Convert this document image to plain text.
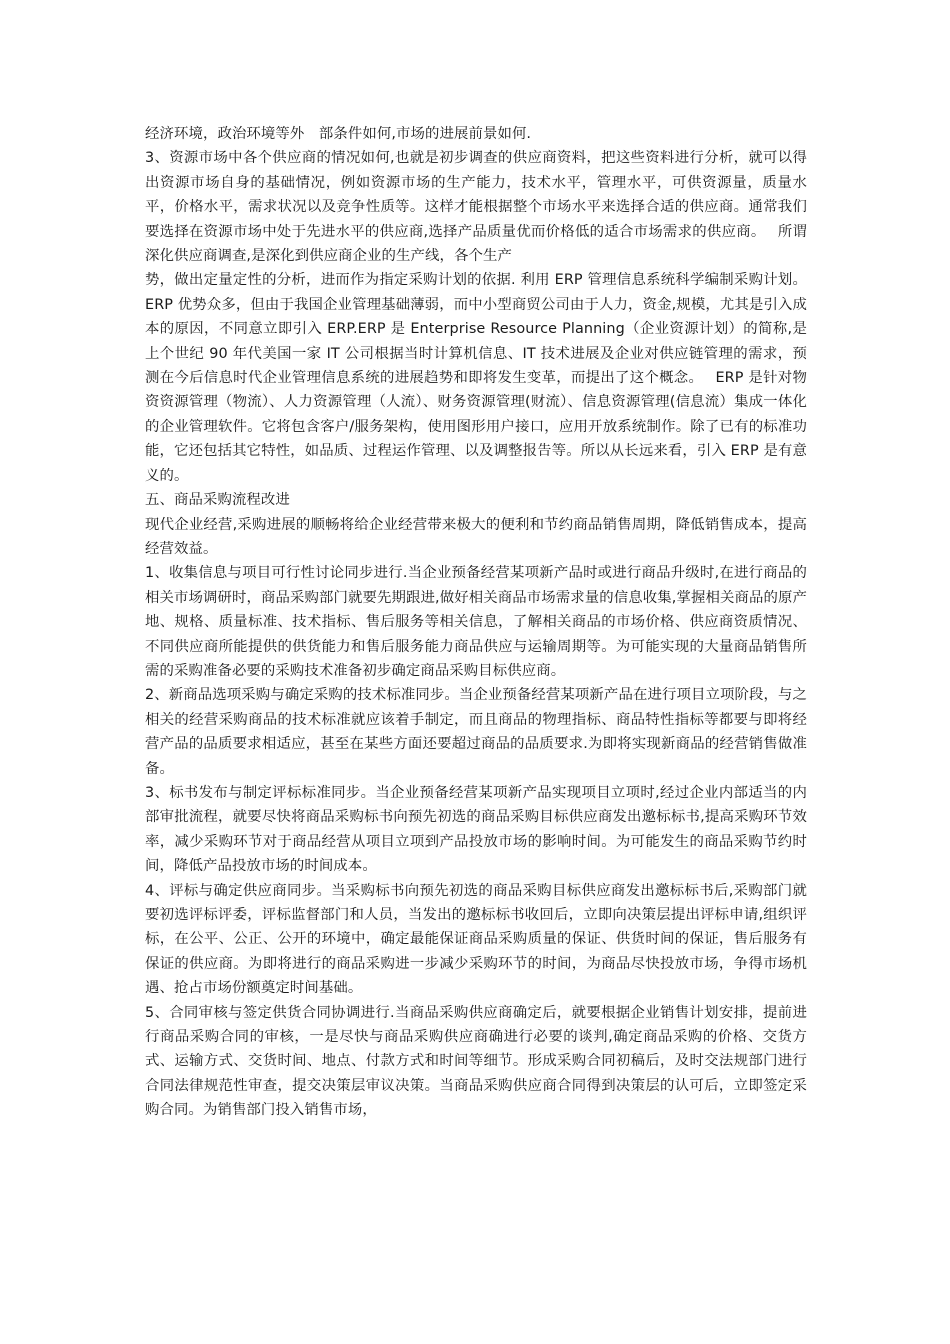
经济环境，政治环境等外　部条件如何,市场的进展前景如何.

3、资源市场中各个供应商的情况如何,也就是初步调查的供应商资料，把这些资料进行分析，就可以得出资源市场自身的基础情况，例如资源市场的生产能力，技术水平，管理水平，可供资源量，质量水平，价格水平，需求状况以及竞争性质等。这样才能根据整个市场水平来选择合适的供应商。通常我们要选择在资源市场中处于先进水平的供应商,选择产品质量优而价格低的适合市场需求的供应商。　 所谓深化供应商调查,是深化到供应商企业的生产线，各个生产

势，做出定量定性的分析，进而作为指定采购计划的依据. 利用 ERP 管理信息系统科学编制采购计划。ERP 优势众多，但由于我国企业管理基础薄弱，而中小型商贸公司由于人力，资金,规模，尤其是引入成本的原因，不同意立即引入 ERP.ERP 是 Enterprise Resource Planning（企业资源计划）的简称,是上个世纪 90 年代美国一家 IT 公司根据当时计算机信息、IT 技术进展及企业对供应链管理的需求，预测在今后信息时代企业管理信息系统的进展趋势和即将发生变革，而提出了这个概念。　 ERP 是针对物资资源管理（物流）、人力资源管理（人流）、财务资源管理(财流）、信息资源管理(信息流）集成一体化的企业管理软件。它将包含客户/服务架构，使用图形用户接口，应用开放系统制作。除了已有的标准功能，它还包括其它特性，如品质、过程运作管理、以及调整报告等。所以从长远来看，引入 ERP 是有意义的。

五、商品采购流程改进

现代企业经营,采购进展的顺畅将给企业经营带来极大的便利和节约商品销售周期，降低销售成本，提高经营效益。

1、收集信息与项目可行性讨论同步进行.当企业预备经营某项新产品时或进行商品升级时,在进行商品的相关市场调研时，商品采购部门就要先期跟进,做好相关商品市场需求量的信息收集,掌握相关商品的原产地、规格、质量标准、技术指标、售后服务等相关信息，了解相关商品的市场价格、供应商资质情况、不同供应商所能提供的供货能力和售后服务能力商品供应与运输周期等。为可能实现的大量商品销售所需的采购准备必要的采购技术准备初步确定商品采购目标供应商。

2、新商品选项采购与确定采购的技术标准同步。当企业预备经营某项新产品在进行项目立项阶段，与之相关的经营采购商品的技术标准就应该着手制定，而且商品的物理指标、商品特性指标等都要与即将经营产品的品质要求相适应，甚至在某些方面还要超过商品的品质要求.为即将实现新商品的经营销售做准备。

3、标书发布与制定评标标准同步。当企业预备经营某项新产品实现项目立项时,经过企业内部适当的内部审批流程，就要尽快将商品采购标书向预先初选的商品采购目标供应商发出邀标标书,提高采购环节效率，减少采购环节对于商品经营从项目立项到产品投放市场的影响时间。为可能发生的商品采购节约时间，降低产品投放市场的时间成本。

4、评标与确定供应商同步。当采购标书向预先初选的商品采购目标供应商发出邀标标书后,采购部门就要初选评标评委，评标监督部门和人员，当发出的邀标标书收回后，立即向决策层提出评标申请,组织评标，在公平、公正、公开的环境中，确定最能保证商品采购质量的保证、供货时间的保证，售后服务有保证的供应商。为即将进行的商品采购进一步减少采购环节的时间，为商品尽快投放市场，争得市场机遇、抢占市场份额奠定时间基础。

5、合同审核与签定供货合同协调进行.当商品采购供应商确定后，就要根据企业销售计划安排，提前进行商品采购合同的审核，一是尽快与商品采购供应商确进行必要的谈判,确定商品采购的价格、交货方式、运输方式、交货时间、地点、付款方式和时间等细节。形成采购合同初稿后，及时交法规部门进行合同法律规范性审查，提交决策层审议决策。当商品采购供应商合同得到决策层的认可后，立即签定采购合同。为销售部门投入销售市场，
